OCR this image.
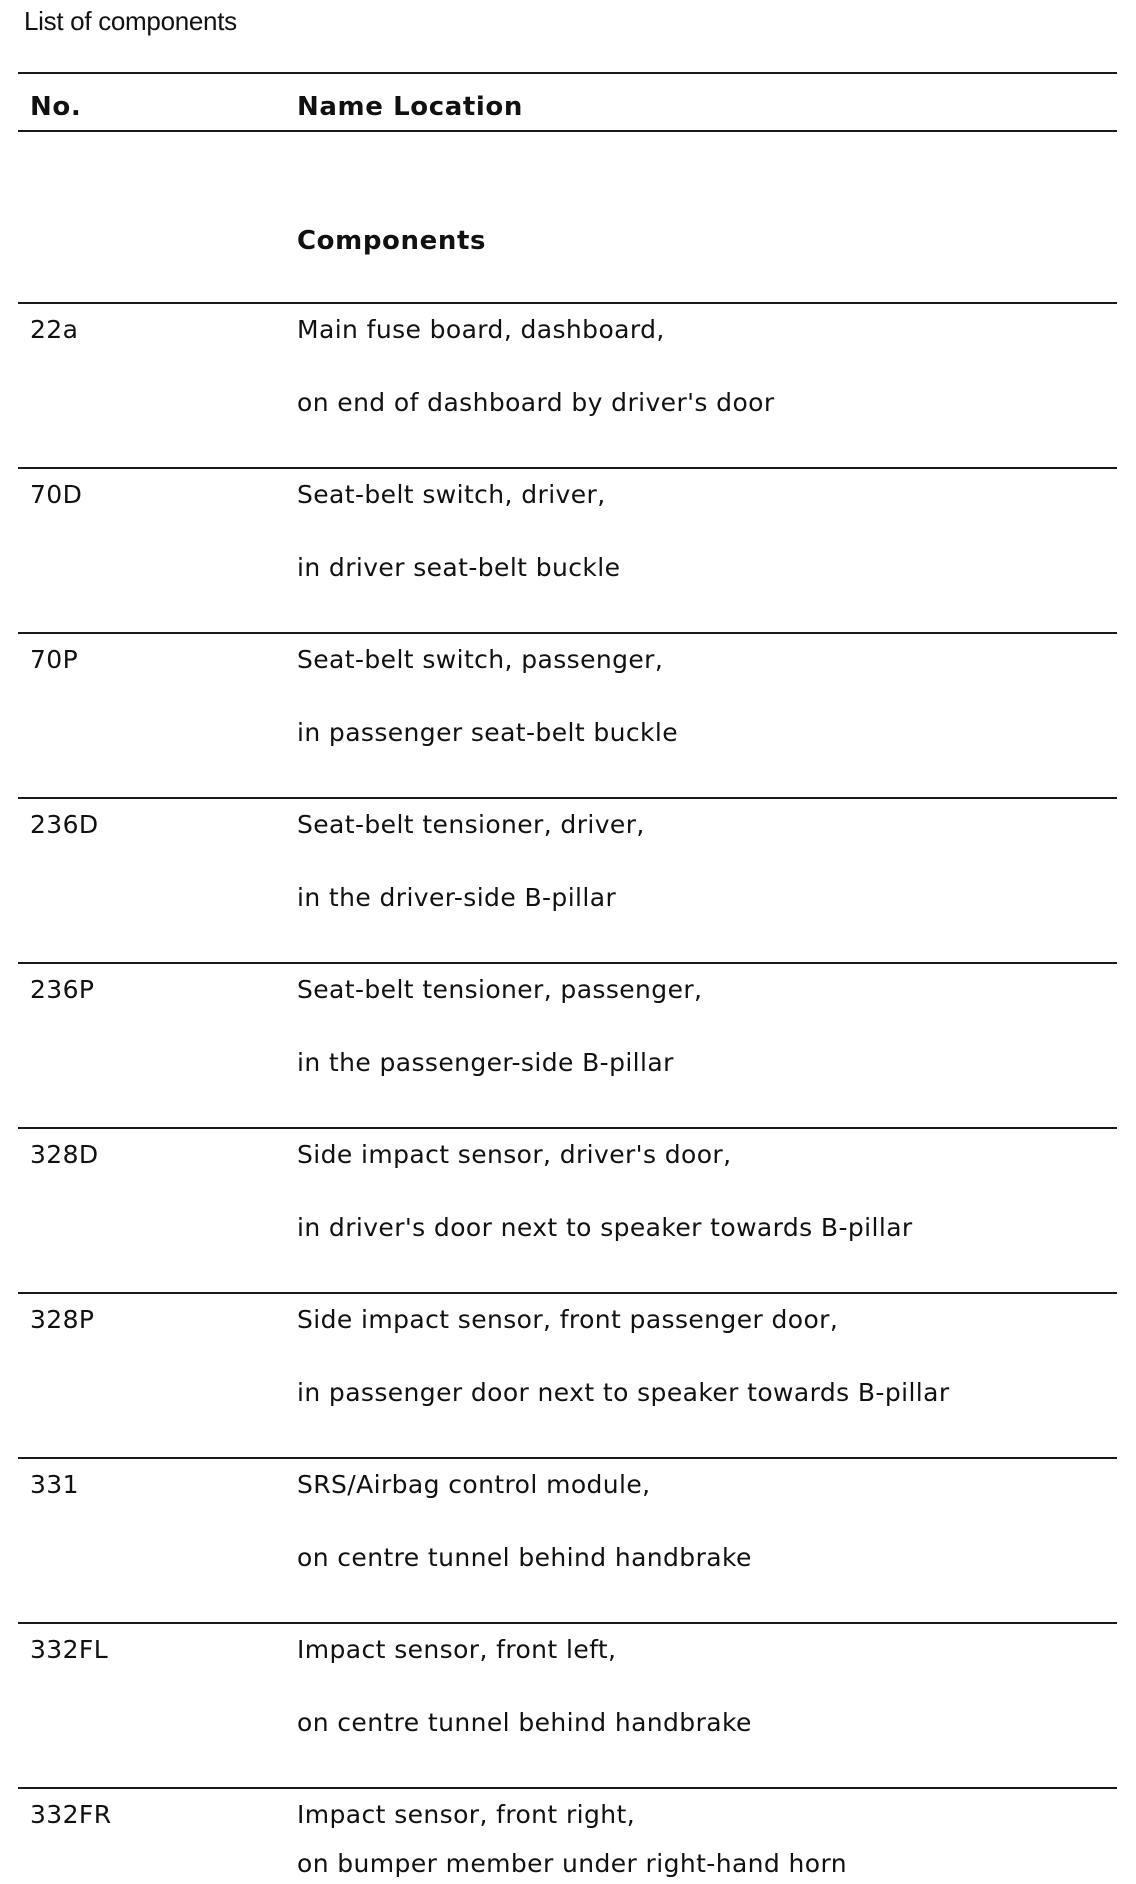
List of components
No.	Name Location
Components
22a	Main fuse board, dashboard,
on end of dashboard by driver's door
70D	Seat-belt switch, driver,
in driver seat-belt buckle
70P	Seat-belt switch, passenger,
in passenger seat-belt buckle
236D	Seat-belt tensioner, driver,
in the driver-side B-pillar
236P	Seat-belt tensioner, passenger,
in the passenger-side B-pillar
328D	Side impact sensor, driver's door,
in driver's door next to speaker towards B-pillar
328P	Side impact sensor, front passenger door,
in passenger door next to speaker towards B-pillar
331	SRS/Airbag control module,
on centre tunnel behind handbrake
332FL	Impact sensor, front left,
on centre tunnel behind handbrake
332FR	Impact sensor, front right,
on bumper member under right-hand horn
